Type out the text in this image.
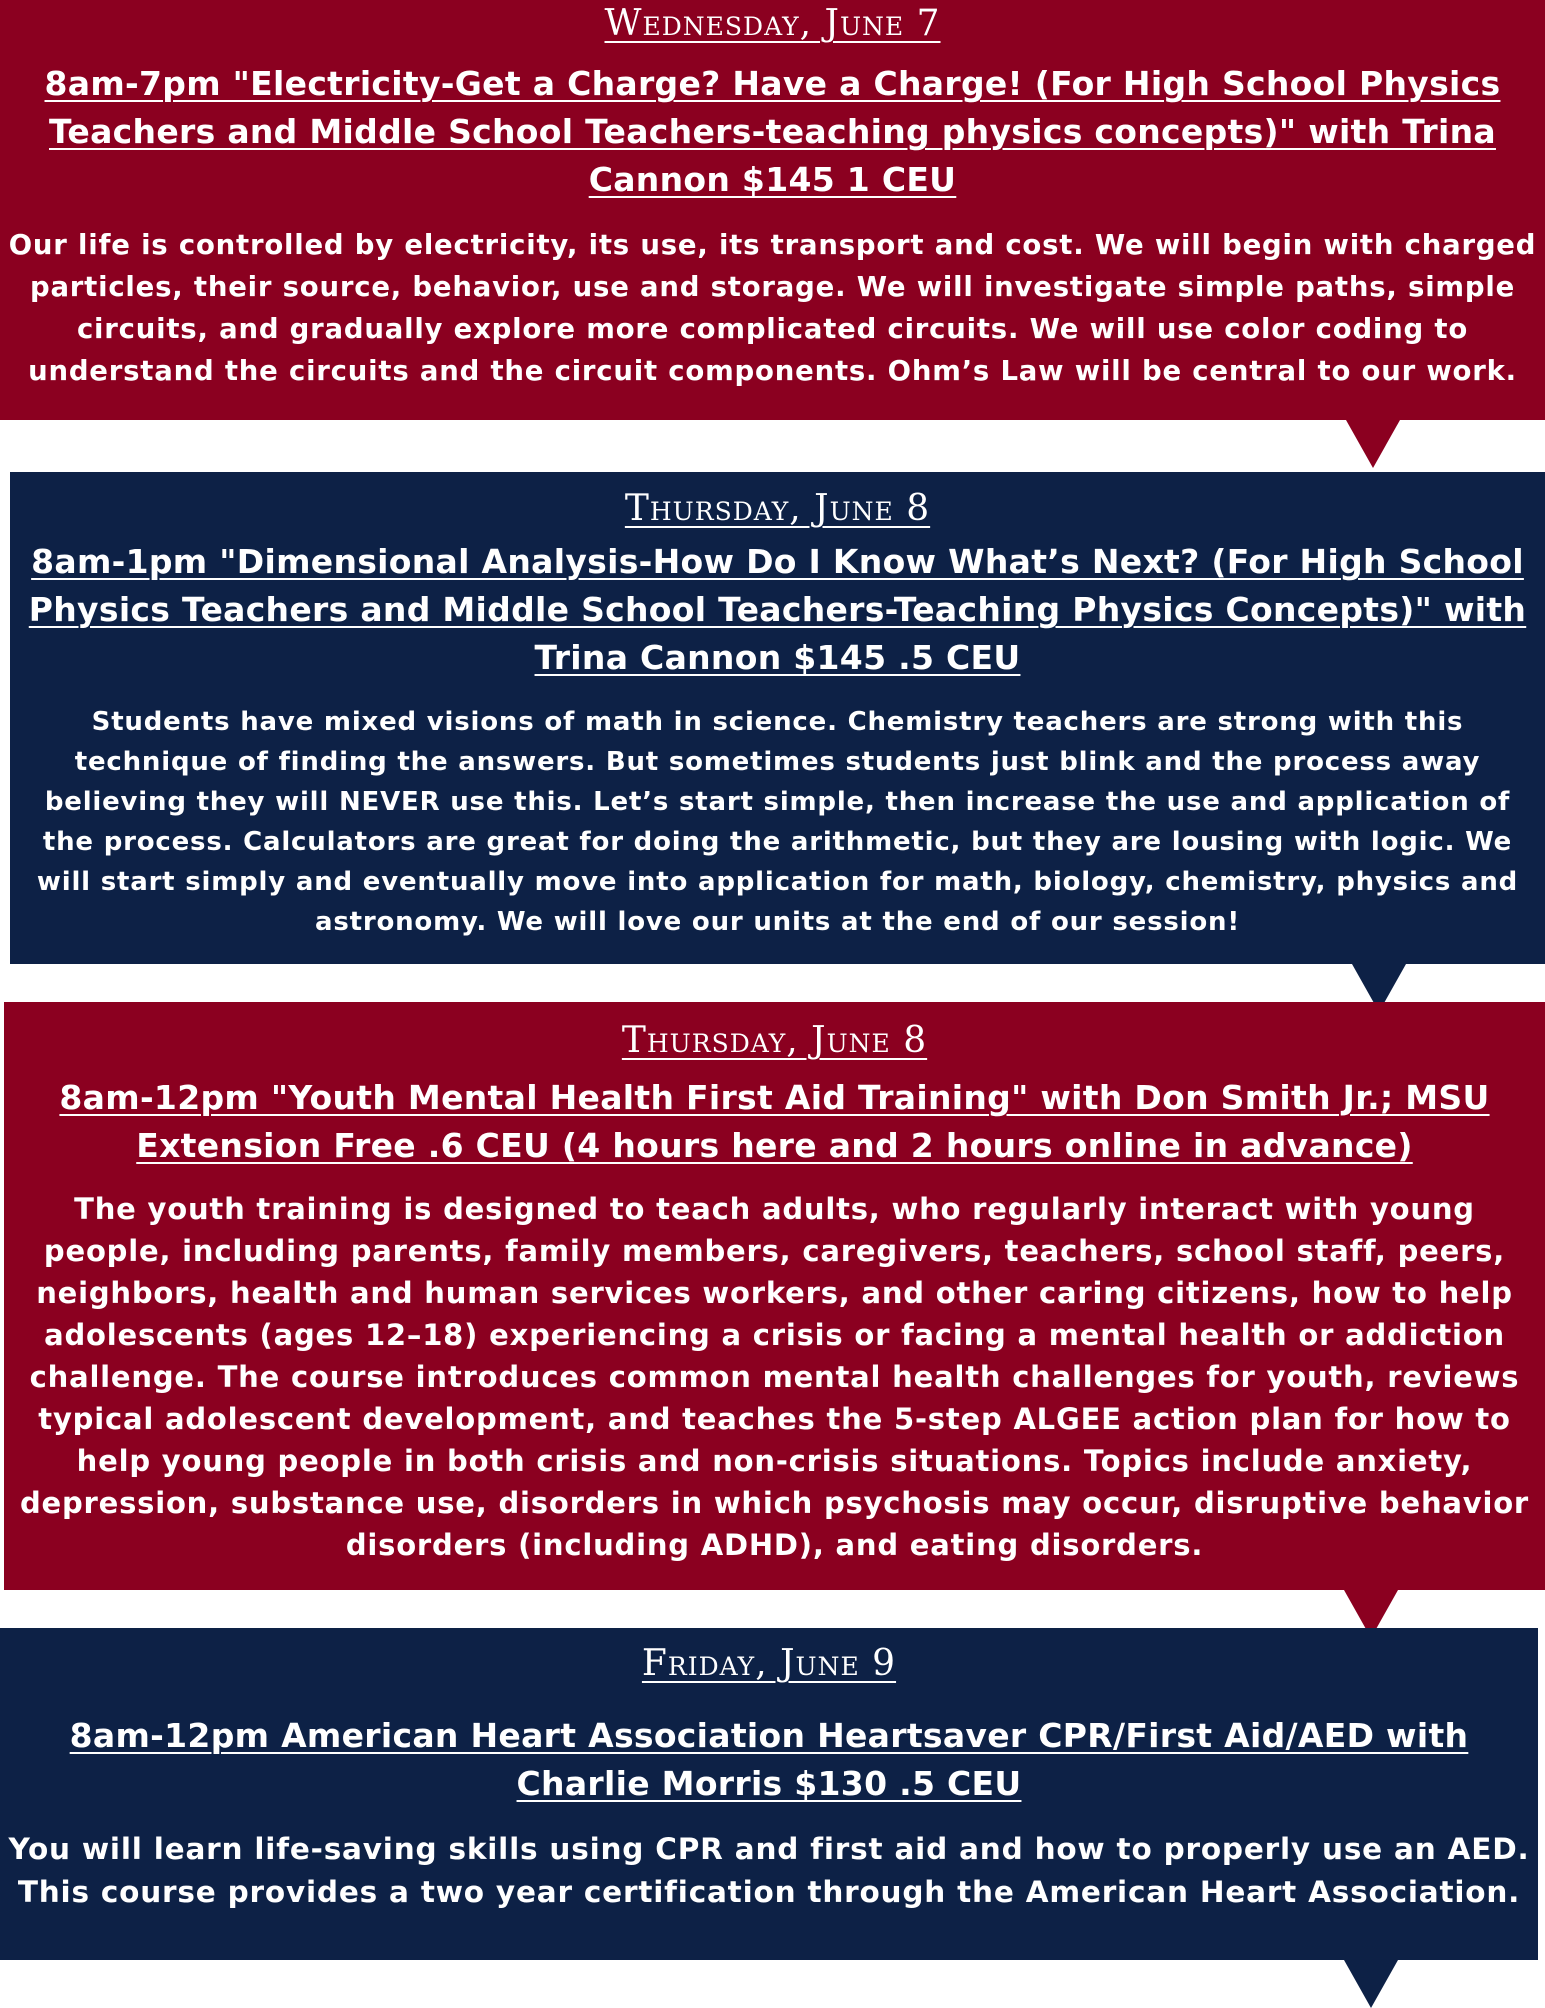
Wednesday, June 7

8am-7pm "Electricity-Get a Charge? Have a Charge! (For High School Physics Teachers and Middle School Teachers-teaching physics concepts)" with Trina Cannon $145 1 CEU

Our life is controlled by electricity, its use, its transport and cost. We will begin with charged particles, their source, behavior, use and storage. We will investigate simple paths, simple circuits, and gradually explore more complicated circuits. We will use color coding to understand the circuits and the circuit components. Ohm’s Law will be central to our work.

Thursday, June 8

8am-1pm "Dimensional Analysis-How Do I Know What’s Next? (For High School Physics Teachers and Middle School Teachers-Teaching Physics Concepts)" with Trina Cannon $145 .5 CEU

Students have mixed visions of math in science. Chemistry teachers are strong with this technique of finding the answers. But sometimes students just blink and the process away believing they will NEVER use this. Let’s start simple, then increase the use and application of the process. Calculators are great for doing the arithmetic, but they are lousing with logic. We will start simply and eventually move into application for math, biology, chemistry, physics and astronomy. We will love our units at the end of our session!

Thursday, June 8

8am-12pm "Youth Mental Health First Aid Training" with Don Smith Jr.; MSU Extension Free .6 CEU (4 hours here and 2 hours online in advance)

The youth training is designed to teach adults, who regularly interact with young people, including parents, family members, caregivers, teachers, school staff, peers, neighbors, health and human services workers, and other caring citizens, how to help adolescents (ages 12–18) experiencing a crisis or facing a mental health or addiction challenge. The course introduces common mental health challenges for youth, reviews typical adolescent development, and teaches the 5-step ALGEE action plan for how to help young people in both crisis and non-crisis situations. Topics include anxiety, depression, substance use, disorders in which psychosis may occur, disruptive behavior disorders (including ADHD), and eating disorders.

Friday, June 9

8am-12pm American Heart Association Heartsaver CPR/First Aid/AED with Charlie Morris $130 .5 CEU

You will learn life-saving skills using CPR and first aid and how to properly use an AED. This course provides a two year certification through the American Heart Association.
